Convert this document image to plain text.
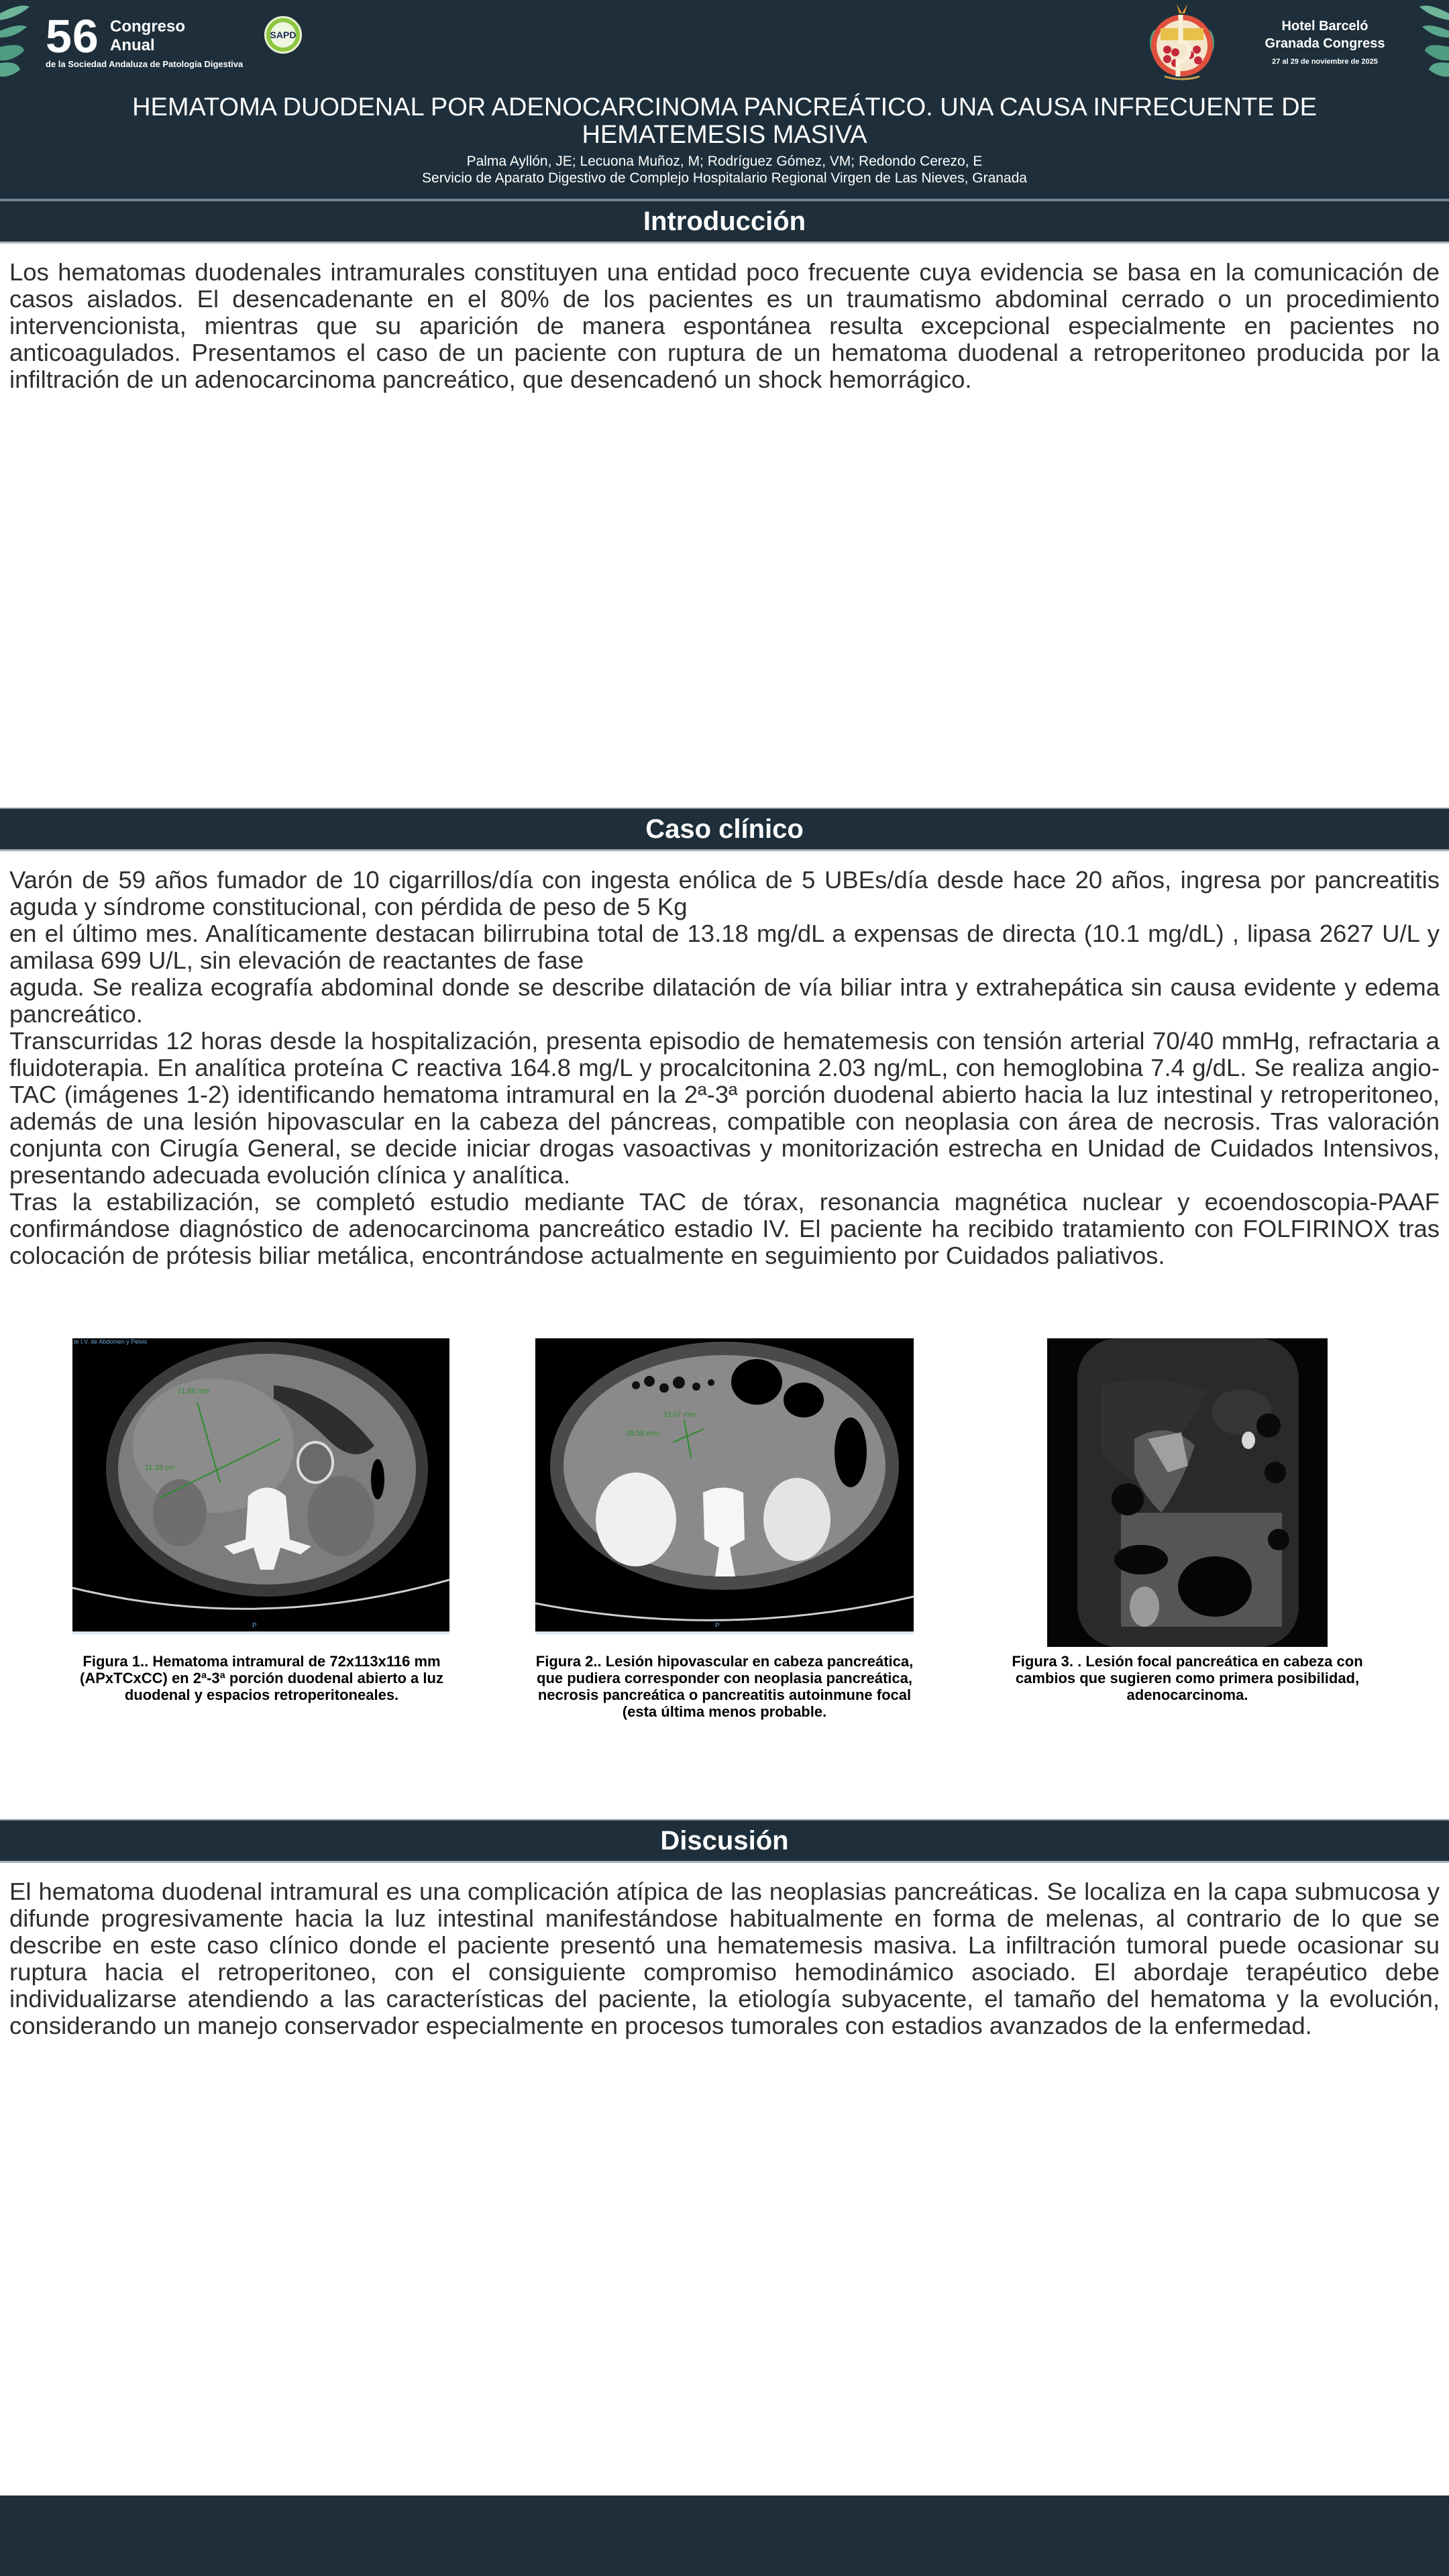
56 Congreso
Anual
de la Sociedad Andaluza de Patología Digestiva
SAPD
Hotel Barceló
Granada Congress
27 al 29 de noviembre de 2025
HEMATOMA DUODENAL POR ADENOCARCINOMA PANCREÁTICO. UNA CAUSA INFRECUENTE DE HEMATEMESIS MASIVA
Palma Ayllón, JE; Lecuona Muñoz, M; Rodríguez Gómez, VM; Redondo Cerezo, E
Servicio de Aparato Digestivo de Complejo Hospitalario Regional Virgen de Las Nieves, Granada
Introducción

Los hematomas duodenales intramurales constituyen una entidad poco frecuente cuya evidencia se basa en la comunicación de casos aislados. El desencadenante en el 80% de los pacientes es un traumatismo abdominal cerrado o un procedimiento intervencionista, mientras que su aparición de manera espontánea resulta excepcional especialmente en pacientes no anticoagulados. Presentamos el caso de un paciente con ruptura de un hematoma duodenal a retroperitoneo producida por la infiltración de un adenocarcinoma pancreático, que desencadenó un shock hemorrágico.

Caso clínico

Varón de 59 años fumador de 10 cigarrillos/día con ingesta enólica de 5 UBEs/día desde hace 20 años, ingresa por pancreatitis aguda y síndrome constitucional, con pérdida de peso de 5 Kg

en el último mes. Analíticamente destacan bilirrubina total de 13.18 mg/dL a expensas de directa (10.1 mg/dL) , lipasa 2627 U/L y amilasa 699 U/L, sin elevación de reactantes de fase

aguda. Se realiza ecografía abdominal donde se describe dilatación de vía biliar intra y extrahepática sin causa evidente y edema pancreático.

Transcurridas 12 horas desde la hospitalización, presenta episodio de hematemesis con tensión arterial 70/40 mmHg, refractaria a fluidoterapia. En analítica proteína C reactiva 164.8 mg/L y procalcitonina 2.03 ng/mL, con hemoglobina 7.4 g/dL. Se realiza angio-TAC (imágenes 1-2) identificando hematoma intramural en la 2ª-3ª porción duodenal abierto hacia la luz intestinal y retroperitoneo, además de una lesión hipovascular en la cabeza del páncreas, compatible con neoplasia con área de necrosis. Tras valoración conjunta con Cirugía General, se decide iniciar drogas vasoactivas y monitorización estrecha en Unidad de Cuidados Intensivos, presentando adecuada evolución clínica y analítica.

Tras la estabilización, se completó estudio mediante TAC de tórax, resonancia magnética nuclear y ecoendoscopia-PAAF confirmándose diagnóstico de adenocarcinoma pancreático estadio IV. El paciente ha recibido tratamiento con FOLFIRINOX tras colocación de prótesis biliar metálica, encontrándose actualmente en seguimiento por Cuidados paliativos.

te I.V. de Abdomen y Pelvis
71.86 mm
11.33 cm
P
Figura 1.. Hematoma intramural de 72x113x116 mm (APxTCxCC) en 2ª-3ª porción duodenal abierto a luz duodenal y espacios retroperitoneales.
33.07 mm
28.58 mm
P
Figura 2.. Lesión hipovascular en cabeza pancreática, que pudiera corresponder con neoplasia pancreática, necrosis pancreática o pancreatitis autoinmune focal (esta última menos probable.
Figura 3. . Lesión focal pancreática en cabeza con cambios que sugieren como primera posibilidad, adenocarcinoma.
Discusión

El hematoma duodenal intramural es una complicación atípica de las neoplasias pancreáticas. Se localiza en la capa submucosa y difunde progresivamente hacia la luz intestinal manifestándose habitualmente en forma de melenas, al contrario de lo que se describe en este caso clínico donde el paciente presentó una hematemesis masiva. La infiltración tumoral puede ocasionar su ruptura hacia el retroperitoneo, con el consiguiente compromiso hemodinámico asociado. El abordaje terapéutico debe individualizarse atendiendo a las características del paciente, la etiología subyacente, el tamaño del hematoma y la evolución, considerando un manejo conservador especialmente en procesos tumorales con estadios avanzados de la enfermedad.
